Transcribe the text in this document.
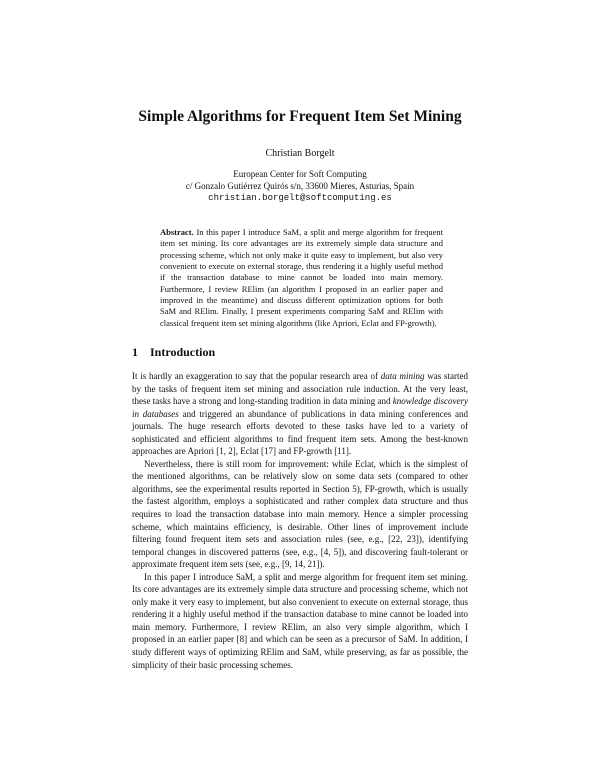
Simple Algorithms for Frequent Item Set Mining
Christian Borgelt
European Center for Soft Computing
c/ Gonzalo Gutiérrez Quirós s/n, 33600 Mieres, Asturias, Spain
christian.borgelt@softcomputing.es

Abstract. In this paper I introduce SaM, a split and merge algorithm for frequent item set mining. Its core advantages are its extremely simple data structure and processing scheme, which not only make it quite easy to implement, but also very convenient to execute on external storage, thus rendering it a highly useful method if the transaction database to mine cannot be loaded into main memory. Furthermore, I review RElim (an algorithm I proposed in an earlier paper and improved in the meantime) and discuss different optimization options for both SaM and RElim. Finally, I present experiments comparing SaM and RElim with classical frequent item set mining algorithms (like Apriori, Eclat and FP-growth).

1 Introduction

It is hardly an exaggeration to say that the popular research area of data mining was started by the tasks of frequent item set mining and association rule induction. At the very least, these tasks have a strong and long-standing tradition in data mining and knowledge discovery in databases and triggered an abundance of publications in data mining conferences and journals. The huge research efforts devoted to these tasks have led to a variety of sophisticated and efficient algorithms to find frequent item sets. Among the best-known approaches are Apriori [1, 2], Eclat [17] and FP-growth [11].

Nevertheless, there is still room for improvement: while Eclat, which is the simplest of the mentioned algorithms, can be relatively slow on some data sets (compared to other algorithms, see the experimental results reported in Section 5), FP-growth, which is usually the fastest algorithm, employs a sophisticated and rather complex data structure and thus requires to load the transaction database into main memory. Hence a simpler processing scheme, which maintains efficiency, is desirable. Other lines of improvement include filtering found frequent item sets and association rules (see, e.g., [22, 23]), identifying temporal changes in discovered patterns (see, e.g., [4, 5]), and discovering fault-tolerant or approximate frequent item sets (see, e.g., [9, 14, 21]).

In this paper I introduce SaM, a split and merge algorithm for frequent item set mining. Its core advantages are its extremely simple data structure and processing scheme, which not only make it very easy to implement, but also convenient to execute on external storage, thus rendering it a highly useful method if the transaction database to mine cannot be loaded into main memory. Furthermore, I review RElim, an also very simple algorithm, which I proposed in an earlier paper [8] and which can be seen as a precursor of SaM. In addition, I study different ways of optimizing RElim and SaM, while preserving, as far as possible, the simplicity of their basic processing schemes.
